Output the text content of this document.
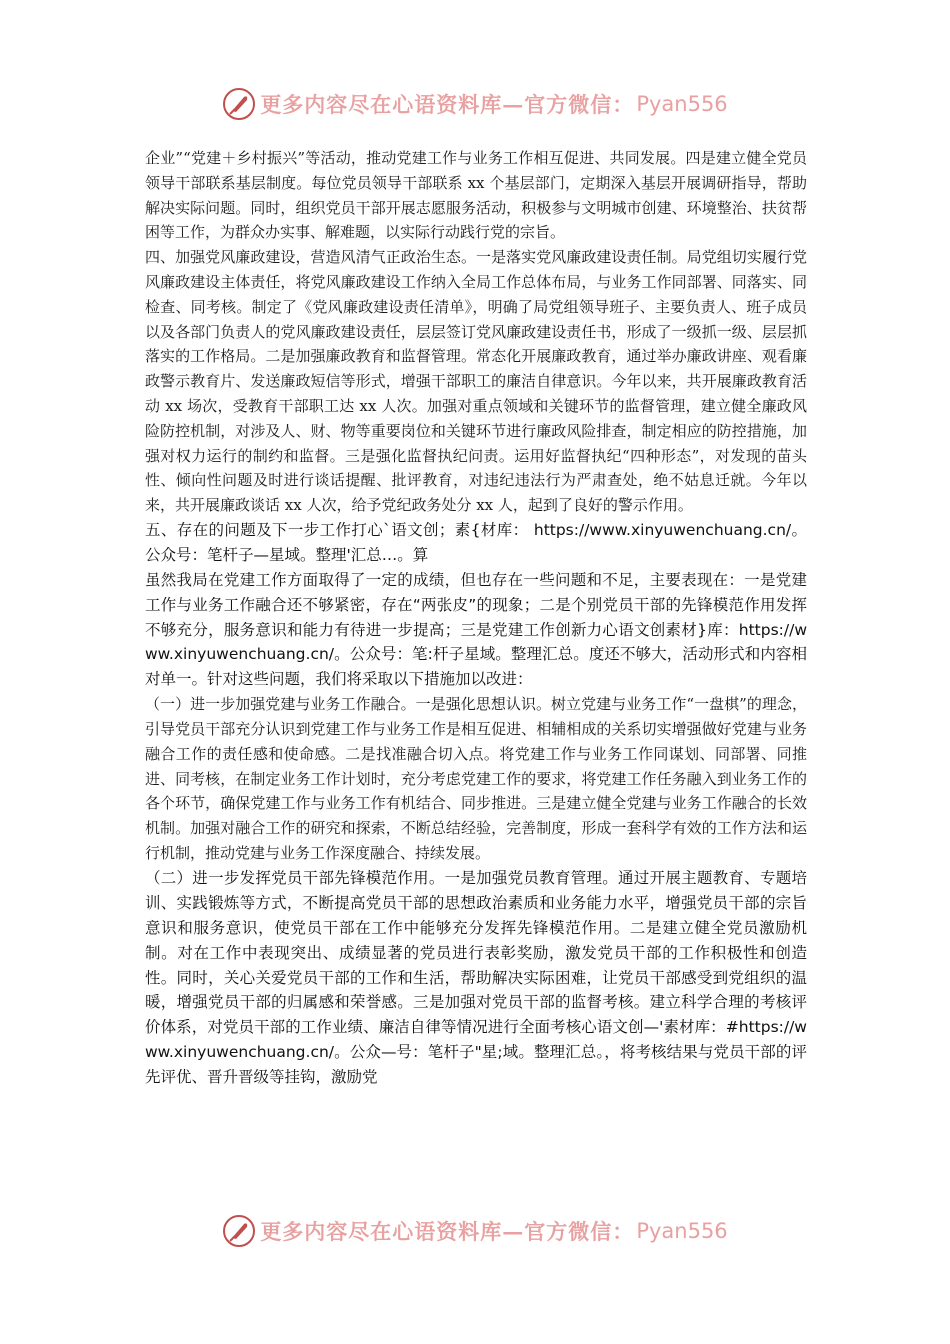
更多内容尽在心语资料库—官方微信： Pyan556

企业”“党建＋乡村振兴”等活动，推动党建工作与业务工作相互促进、共同发展。四是建立健全党员领导干部联系基层制度。每位党员领导干部联系 xx 个基层部门，定期深入基层开展调研指导，帮助解决实际问题。同时，组织党员干部开展志愿服务活动，积极参与文明城市创建、环境整治、扶贫帮困等工作，为群众办实事、解难题，以实际行动践行党的宗旨。

四、加强党风廉政建设，营造风清气正政治生态。一是落实党风廉政建设责任制。局党组切实履行党风廉政建设主体责任，将党风廉政建设工作纳入全局工作总体布局，与业务工作同部署、同落实、同检查、同考核。制定了《党风廉政建设责任清单》，明确了局党组领导班子、主要负责人、班子成员以及各部门负责人的党风廉政建设责任，层层签订党风廉政建设责任书，形成了一级抓一级、层层抓落实的工作格局。二是加强廉政教育和监督管理。常态化开展廉政教育，通过举办廉政讲座、观看廉政警示教育片、发送廉政短信等形式，增强干部职工的廉洁自律意识。今年以来，共开展廉政教育活动 xx 场次，受教育干部职工达 xx 人次。加强对重点领域和关键环节的监督管理，建立健全廉政风险防控机制，对涉及人、财、物等重要岗位和关键环节进行廉政风险排查，制定相应的防控措施，加强对权力运行的制约和监督。三是强化监督执纪问责。运用好监督执纪“四种形态”，对发现的苗头性、倾向性问题及时进行谈话提醒、批评教育，对违纪违法行为严肃查处，绝不姑息迁就。今年以来，共开展廉政谈话 xx 人次，给予党纪政务处分 xx 人，起到了良好的警示作用。

五、存在的问题及下一步工作打心`语文创；素{材库： https://www.xinyuwenchuang.cn/。公众号：笔杆子—星域。整理'汇总…。算

虽然我局在党建工作方面取得了一定的成绩，但也存在一些问题和不足，主要表现在：一是党建工作与业务工作融合还不够紧密，存在“两张皮”的现象；二是个别党员干部的先锋模范作用发挥不够充分，服务意识和能力有待进一步提高；三是党建工作创新力心语文创素材}库：https://www.xinyuwenchuang.cn/。公众号：笔:杆子星域。整理汇总。度还不够大，活动形式和内容相对单一。针对这些问题，我们将采取以下措施加以改进：

（一）进一步加强党建与业务工作融合。一是强化思想认识。树立党建与业务工作“一盘棋”的理念，引导党员干部充分认识到党建工作与业务工作是相互促进、相辅相成的关系切实增强做好党建与业务融合工作的责任感和使命感。二是找准融合切入点。将党建工作与业务工作同谋划、同部署、同推进、同考核，在制定业务工作计划时，充分考虑党建工作的要求，将党建工作任务融入到业务工作的各个环节，确保党建工作与业务工作有机结合、同步推进。三是建立健全党建与业务工作融合的长效机制。加强对融合工作的研究和探索，不断总结经验，完善制度，形成一套科学有效的工作方法和运行机制，推动党建与业务工作深度融合、持续发展。

（二）进一步发挥党员干部先锋模范作用。一是加强党员教育管理。通过开展主题教育、专题培训、实践锻炼等方式，不断提高党员干部的思想政治素质和业务能力水平，增强党员干部的宗旨意识和服务意识，使党员干部在工作中能够充分发挥先锋模范作用。二是建立健全党员激励机制。对在工作中表现突出、成绩显著的党员进行表彰奖励，激发党员干部的工作积极性和创造性。同时，关心关爱党员干部的工作和生活，帮助解决实际困难，让党员干部感受到党组织的温暖，增强党员干部的归属感和荣誉感。三是加强对党员干部的监督考核。建立科学合理的考核评价体系，对党员干部的工作业绩、廉洁自律等情况进行全面考核心语文创—'素材库：#https://www.xinyuwenchuang.cn/。公众—号：笔杆子"星;域。整理汇总。，将考核结果与党员干部的评先评优、晋升晋级等挂钩，激励党

更多内容尽在心语资料库—官方微信： Pyan556
